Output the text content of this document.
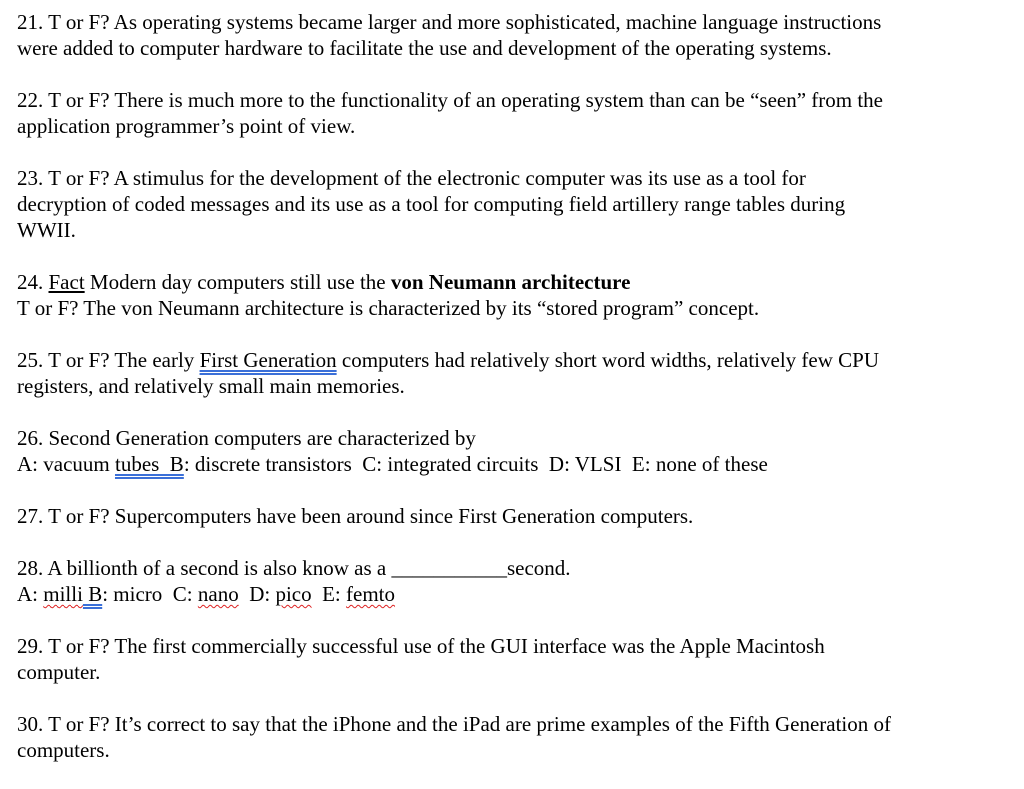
21. T or F? As operating systems became larger and more sophisticated, machine language instructions
were added to computer hardware to facilitate the use and development of the operating systems.
22. T or F? There is much more to the functionality of an operating system than can be “seen” from the
application programmer’s point of view.
23. T or F? A stimulus for the development of the electronic computer was its use as a tool for
decryption of coded messages and its use as a tool for computing field artillery range tables during
WWII.
24. Fact Modern day computers still use the von Neumann architecture
T or F? The von Neumann architecture is characterized by its “stored program” concept.
25. T or F? The early First Generation computers had relatively short word widths, relatively few CPU
registers, and relatively small main memories.
26. Second Generation computers are characterized by
A: vacuum tubes  B: discrete transistors  C: integrated circuits  D: VLSI  E: none of these
27. T or F? Supercomputers have been around since First Generation computers.
28. A billionth of a second is also know as a ___________second.
A: milli B: micro  C: nano  D: pico  E: femto
29. T or F? The first commercially successful use of the GUI interface was the Apple Macintosh
computer.
30. T or F? It’s correct to say that the iPhone and the iPad are prime examples of the Fifth Generation of
computers.
